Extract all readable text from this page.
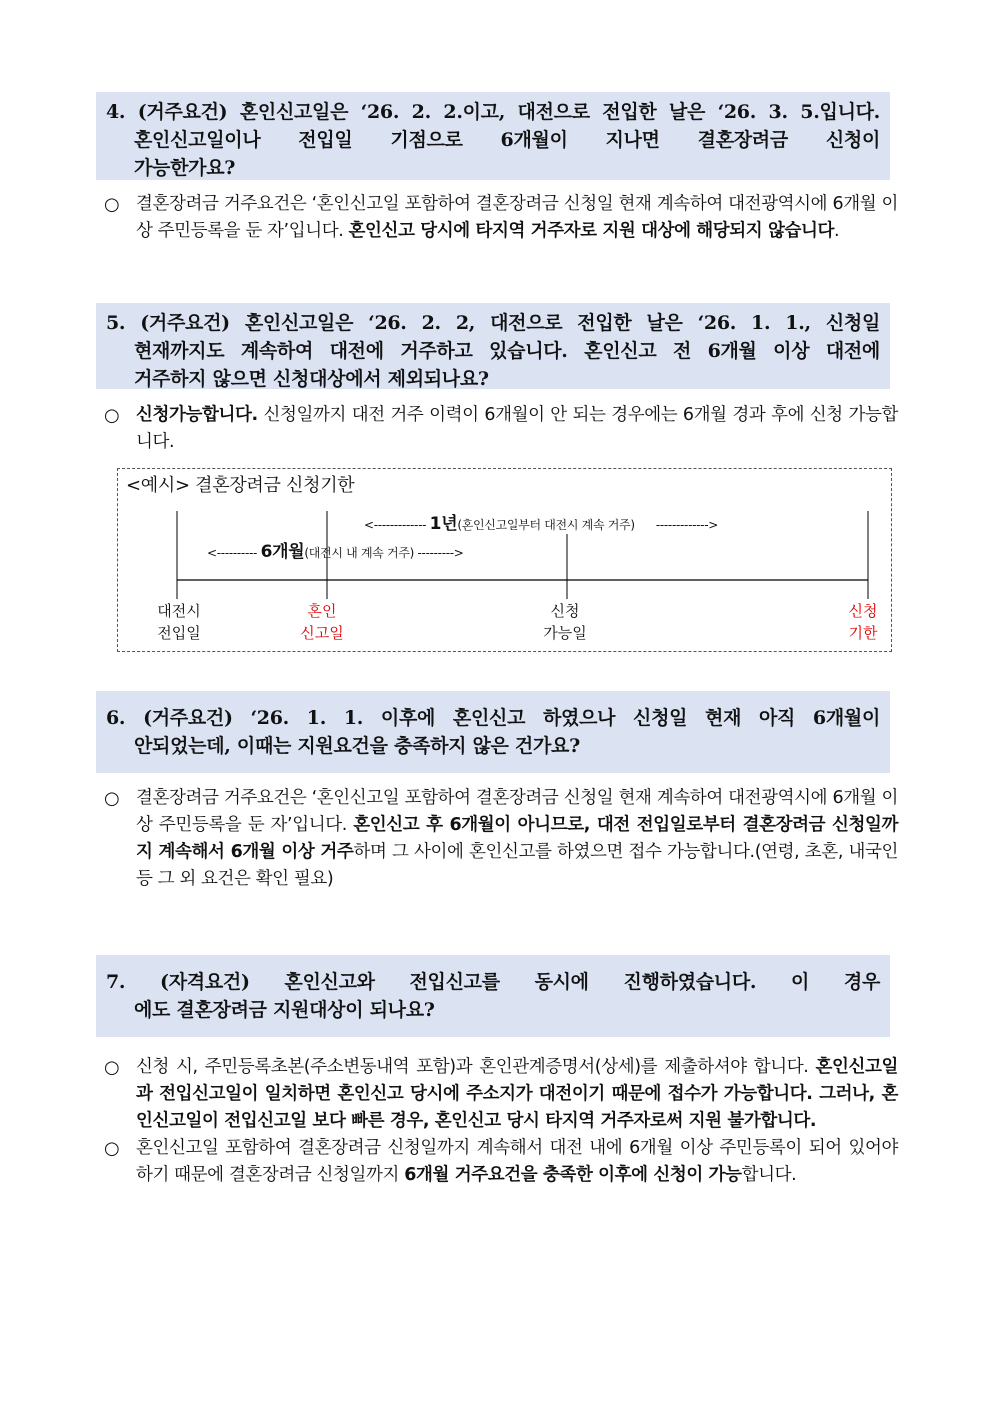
4. (거주요건) 혼인신고일은 ‘26. 2. 2.이고, 대전으로 전입한 날은 ‘26. 3. 5.입니다.
혼인신고일이나 전입일 기점으로 6개월이 지나면 결혼장려금 신청이
가능한가요?
○ 결혼장려금 거주요건은 ‘혼인신고일 포함하여 결혼장려금 신청일 현재 계속하여 대전광역시에 6개월 이상 주민등록을 둔 자’입니다. 혼인신고 당시에 타지역 거주자로 지원 대상에 해당되지 않습니다.
5. (거주요건) 혼인신고일은 ‘26. 2. 2, 대전으로 전입한 날은 ‘26. 1. 1., 신청일
현재까지도 계속하여 대전에 거주하고 있습니다. 혼인신고 전 6개월 이상 대전에
거주하지 않으면 신청대상에서 제외되나요?
○ 신청가능합니다. 신청일까지 대전 거주 이력이 6개월이 안 되는 경우에는 6개월 경과 후에 신청 가능합니다.
<예시> 결혼장려금 신청기한
<------------- 1년(혼인신고일부터 대전시 계속 거주) ------------->
<---------- 6개월(대전시 내 계속 거주) --------->
대전시
전입일
혼인
신고일
신청
가능일
신청
기한
6. (거주요건) ‘26. 1. 1. 이후에 혼인신고 하였으나 신청일 현재 아직 6개월이
안되었는데, 이때는 지원요건을 충족하지 않은 건가요?
○ 결혼장려금 거주요건은 ‘혼인신고일 포함하여 결혼장려금 신청일 현재 계속하여 대전광역시에 6개월 이상 주민등록을 둔 자’입니다. 혼인신고 후 6개월이 아니므로, 대전 전입일로부터 결혼장려금 신청일까지 계속해서 6개월 이상 거주하며 그 사이에 혼인신고를 하였으면 접수 가능합니다.(연령, 초혼, 내국인 등 그 외 요건은 확인 필요)
7. (자격요건) 혼인신고와 전입신고를 동시에 진행하였습니다. 이 경우
에도 결혼장려금 지원대상이 되나요?
○ 신청 시, 주민등록초본(주소변동내역 포함)과 혼인관계증명서(상세)를 제출하셔야 합니다. 혼인신고일과 전입신고일이 일치하면 혼인신고 당시에 주소지가 대전이기 때문에 접수가 가능합니다. 그러나, 혼인신고일이 전입신고일 보다 빠른 경우, 혼인신고 당시 타지역 거주자로써 지원 불가합니다.
○ 혼인신고일 포함하여 결혼장려금 신청일까지 계속해서 대전 내에 6개월 이상 주민등록이 되어 있어야 하기 때문에 결혼장려금 신청일까지 6개월 거주요건을 충족한 이후에 신청이 가능합니다.
